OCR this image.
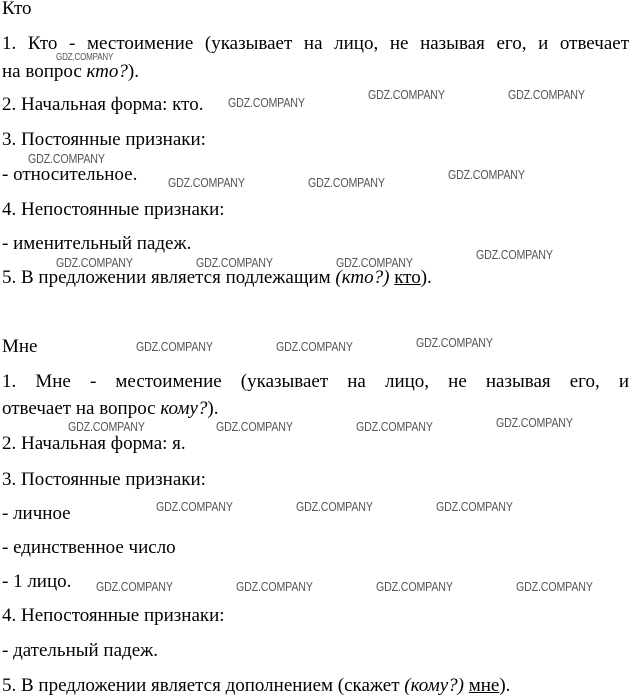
Кто
1. Кто - местоимение (указывает на лицо, не называя его, и отвечает
на вопрос кто?).
2. Начальная форма: кто.
3. Постоянные признаки:
- относительное.
4. Непостоянные признаки:
- именительный падеж.
5. В предложении является подлежащим (кто?) кто).
Мне
1. Мне - местоимение (указывает на лицо, не называя его, и
отвечает на вопрос кому?).
2. Начальная форма: я.
3. Постоянные признаки:
- личное
- единственное число
- 1 лицо.
4. Непостоянные признаки:
- дательный падеж.
5. В предложении является дополнением (скажет (кому?) мне).
GDZ.COMPANY
GDZ.COMPANY
GDZ.COMPANY	GDZ.COMPANY
GDZ.COMPANY
GDZ.COMPANY	GDZ.COMPANY
GDZ.COMPANY
GDZ.COMPANY	GDZ.COMPANY	GDZ.COMPANY
GDZ.COMPANY
GDZ.COMPANY	GDZ.COMPANY	GDZ.COMPANY
GDZ.COMPANY	GDZ.COMPANY	GDZ.COMPANY	GDZ.COMPANY
GDZ.COMPANY	GDZ.COMPANY	GDZ.COMPANY
GDZ.COMPANY	GDZ.COMPANY	GDZ.COMPANY	GDZ.COMPANY
